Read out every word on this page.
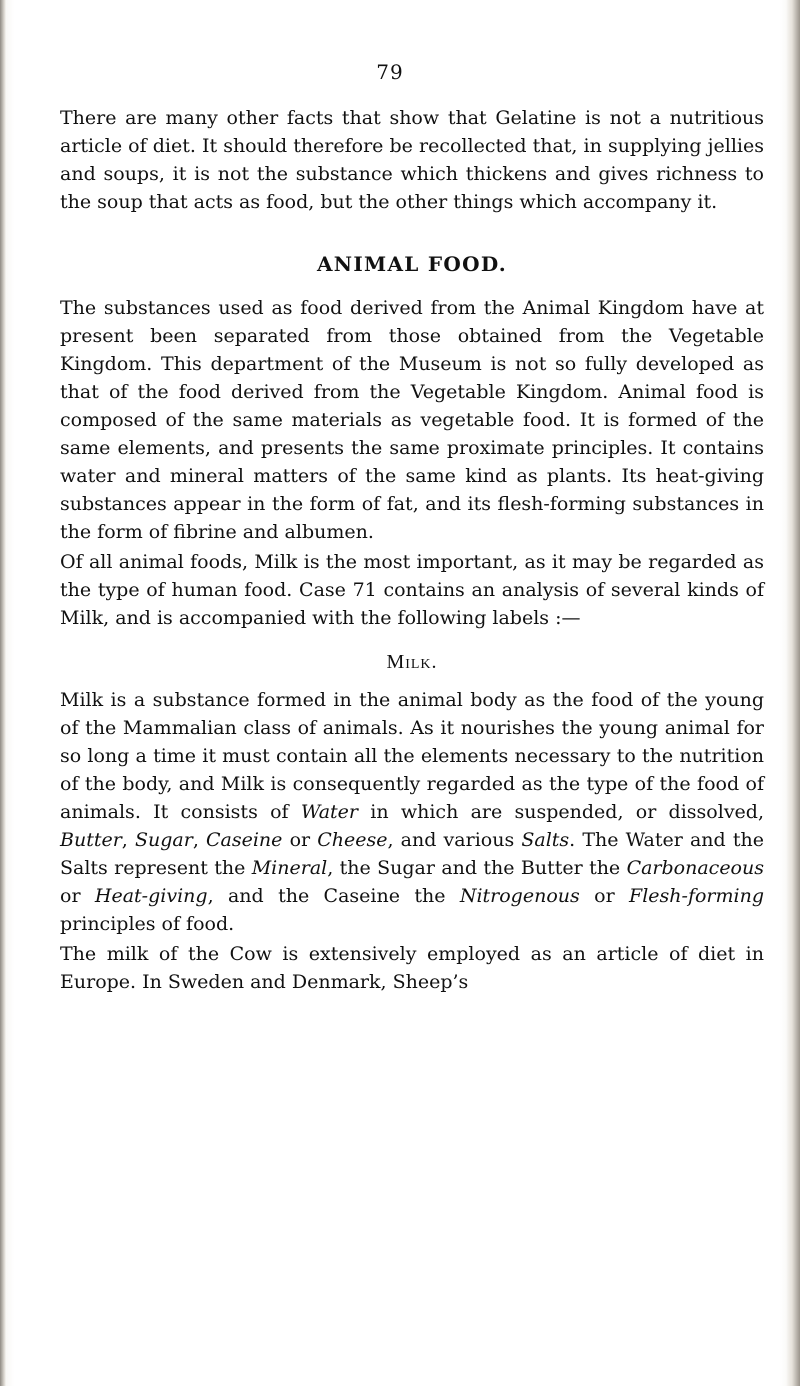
79

There are many other facts that show that Gelatine is not a nutritious article of diet. It should therefore be recollected that, in supplying jellies and soups, it is not the substance which thickens and gives richness to the soup that acts as food, but the other things which accompany it.

ANIMAL FOOD.

The substances used as food derived from the Animal Kingdom have at present been separated from those obtained from the Vegetable Kingdom. This department of the Museum is not so fully developed as that of the food derived from the Vegetable Kingdom. Animal food is composed of the same materials as vegetable food. It is formed of the same elements, and presents the same proximate principles. It contains water and mineral matters of the same kind as plants. Its heat-giving substances appear in the form of fat, and its flesh-forming substances in the form of fibrine and albumen.

Of all animal foods, Milk is the most important, as it may be regarded as the type of human food. Case 71 contains an analysis of several kinds of Milk, and is accompanied with the following labels :—

Milk.

Milk is a substance formed in the animal body as the food of the young of the Mammalian class of animals. As it nourishes the young animal for so long a time it must contain all the elements necessary to the nutrition of the body, and Milk is consequently regarded as the type of the food of animals. It consists of Water in which are suspended, or dissolved, Butter, Sugar, Caseine or Cheese, and various Salts. The Water and the Salts represent the Mineral, the Sugar and the Butter the Carbonaceous or Heat-giving, and the Caseine the Nitrogenous or Flesh-forming principles of food.

The milk of the Cow is extensively employed as an article of diet in Europe. In Sweden and Denmark, Sheep’s
